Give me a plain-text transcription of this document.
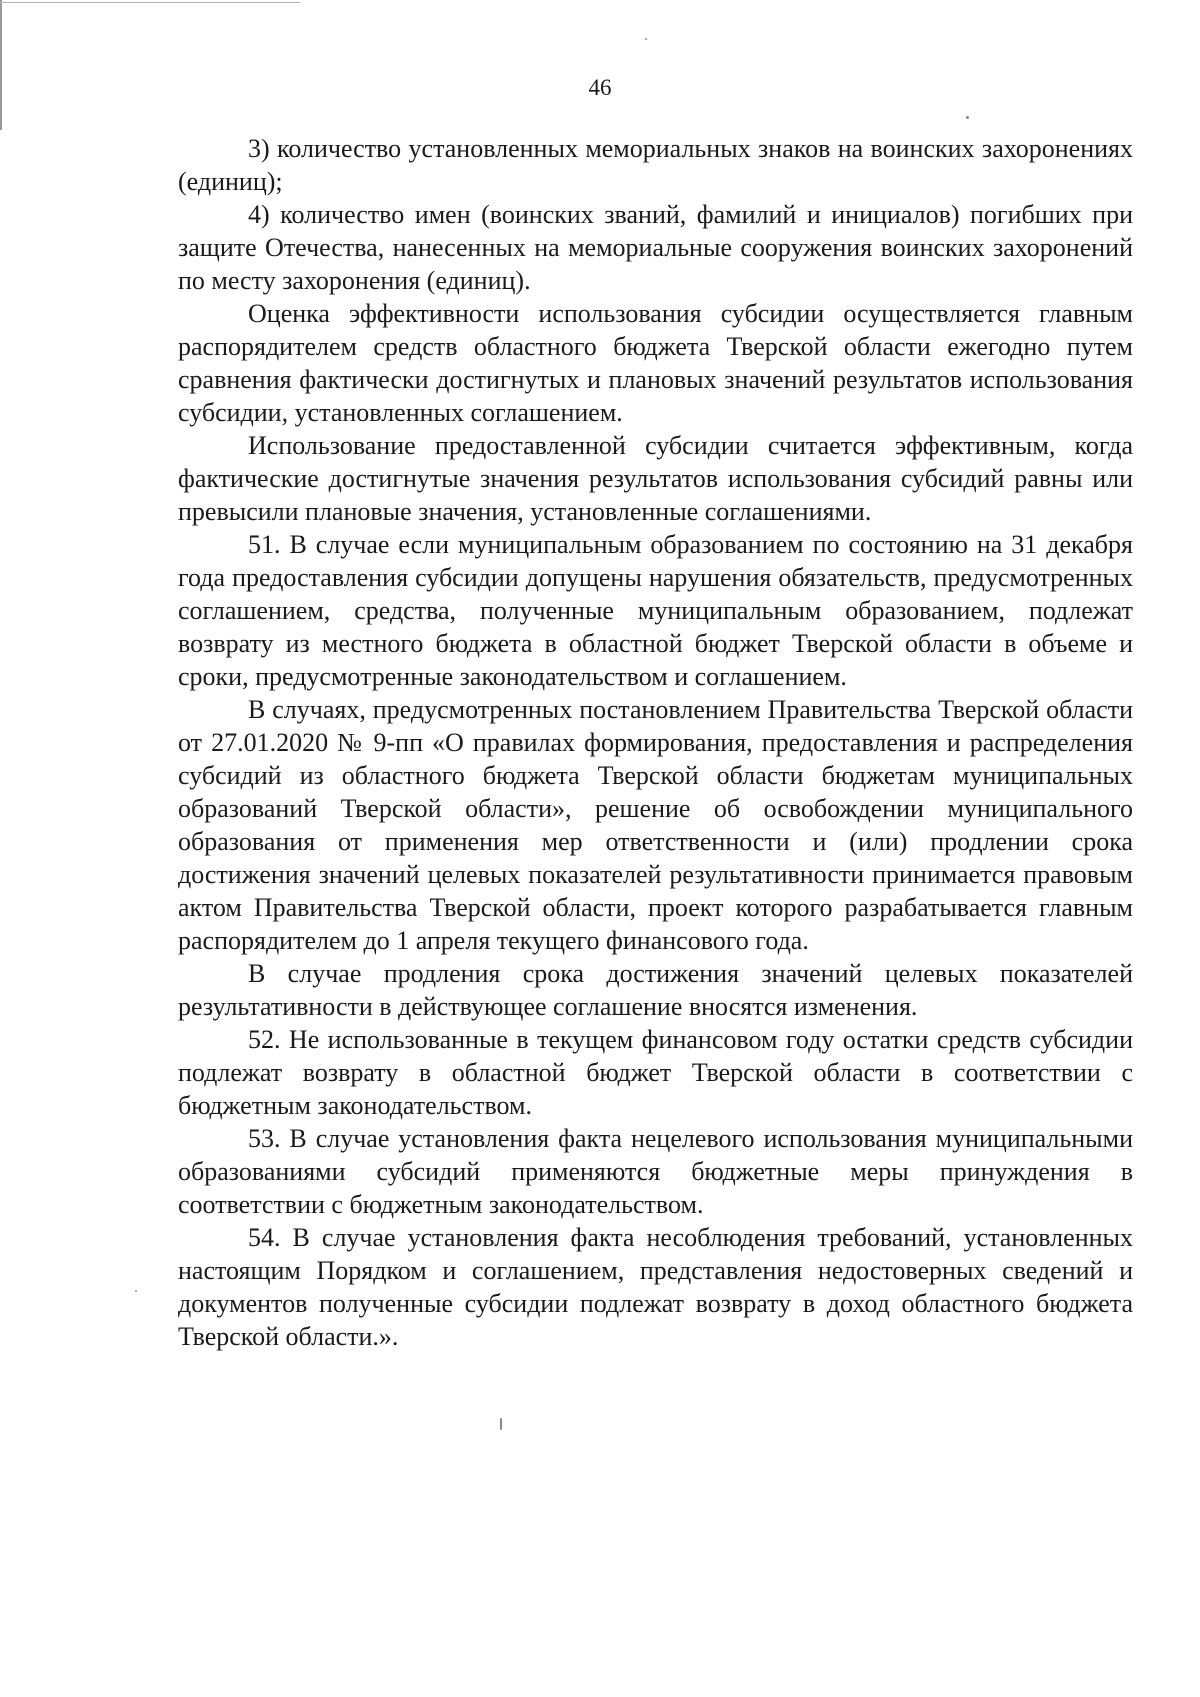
46

3) количество установленных мемориальных знаков на воинских захоронениях (единиц);

4) количество имен (воинских званий, фамилий и инициалов) погибших при защите Отечества, нанесенных на мемориальные сооружения воинских захоронений по месту захоронения (единиц).

Оценка эффективности использования субсидии осуществляется главным распорядителем средств областного бюджета Тверской области ежегодно путем сравнения фактически достигнутых и плановых значений результатов использования субсидии, установленных соглашением.

Использование предоставленной субсидии считается эффективным, когда фактические достигнутые значения результатов использования субсидий равны или превысили плановые значения, установленные соглашениями.

51. В случае если муниципальным образованием по состоянию на 31 декабря года предоставления субсидии допущены нарушения обязательств, предусмотренных соглашением, средства, полученные муниципальным образованием, подлежат возврату из местного бюджета в областной бюджет Тверской области в объеме и сроки, предусмотренные законодательством и соглашением.

В случаях, предусмотренных постановлением Правительства Тверской области от 27.01.2020 № 9-пп «О правилах формирования, предоставления и распределения субсидий из областного бюджета Тверской области бюджетам муниципальных образований Тверской области», решение об освобождении муниципального образования от применения мер ответственности и (или) продлении срока достижения значений целевых показателей результативности принимается правовым актом Правительства Тверской области, проект которого разрабатывается главным распорядителем до 1 апреля текущего финансового года.

В случае продления срока достижения значений целевых показателей результативности в действующее соглашение вносятся изменения.

52. Не использованные в текущем финансовом году остатки средств субсидии подлежат возврату в областной бюджет Тверской области в соответствии с бюджетным законодательством.

53. В случае установления факта нецелевого использования муниципальными образованиями субсидий применяются бюджетные меры принуждения в соответствии с бюджетным законодательством.

54. В случае установления факта несоблюдения требований, установленных настоящим Порядком и соглашением, представления недостоверных сведений и документов полученные субсидии подлежат возврату в доход областного бюджета Тверской области.».
